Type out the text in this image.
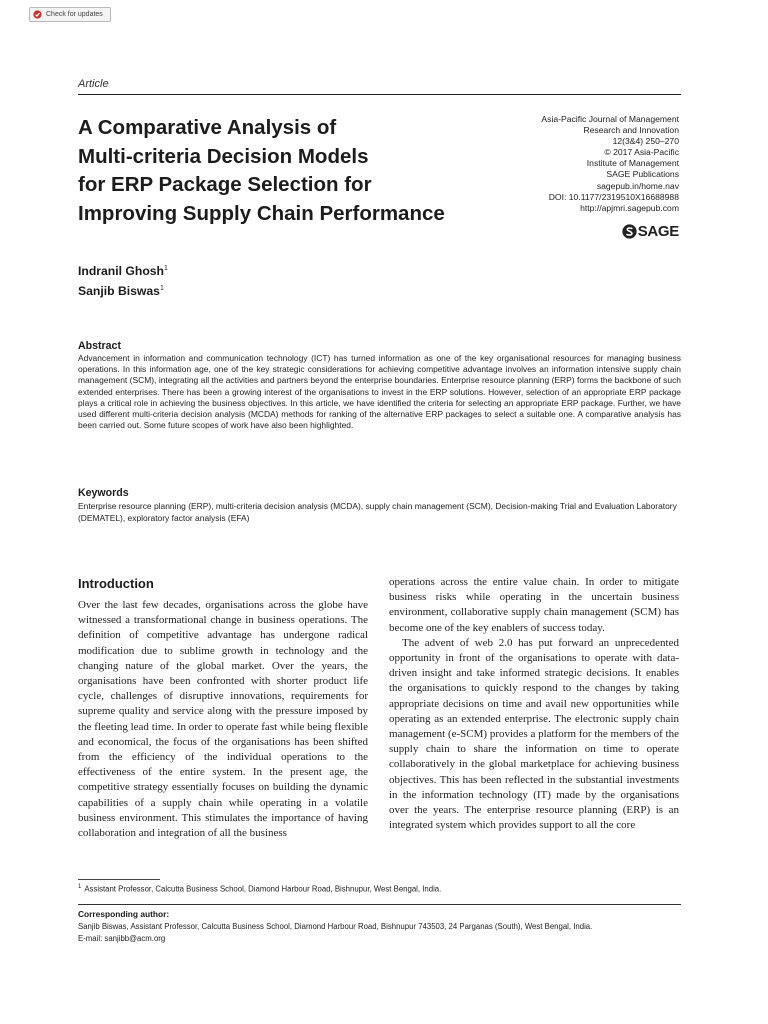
Check for updates
Article
A Comparative Analysis of
Multi-criteria Decision Models
for ERP Package Selection for
Improving Supply Chain Performance
Asia-Pacific Journal of Management
Research and Innovation
12(3&4) 250–270
© 2017 Asia-Pacific
Institute of Management
SAGE Publications
sagepub.in/home.nav
DOI: 10.1177/2319510X16688988
http://apjmri.sagepub.com
SAGE
Indranil Ghosh$^1$
Sanjib Biswas$^1$
Abstract
Advancement in information and communication technology (ICT) has turned information as one of the key organisational resources for managing business operations. In this information age, one of the key strategic considerations for achieving competitive advantage involves an information intensive supply chain management (SCM), integrating all the activities and partners beyond the enterprise boundaries. Enterprise resource planning (ERP) forms the backbone of such extended enterprises. There has been a growing interest of the organisations to invest in the ERP solutions. However, selection of an appropriate ERP package plays a critical role in achieving the business objectives. In this article, we have identified the criteria for selecting an appropriate ERP package. Further, we have used different multi-criteria decision analysis (MCDA) methods for ranking of the alternative ERP packages to select a suitable one. A comparative analysis has been carried out. Some future scopes of work have also been highlighted.
Keywords
Enterprise resource planning (ERP), multi-criteria decision analysis (MCDA), supply chain management (SCM), Decision-making Trial and Evaluation Laboratory (DEMATEL), exploratory factor analysis (EFA)
Introduction

Over the last few decades, organisations across the globe have witnessed a transformational change in business operations. The definition of competitive advantage has undergone radical modification due to sublime growth in technology and the changing nature of the global market. Over the years, the organisations have been confronted with shorter product life cycle, challenges of disruptive innovations, requirements for supreme quality and service along with the pressure imposed by the fleeting lead time. In order to operate fast while being flexible and economical, the focus of the organisations has been shifted from the efficiency of the individual operations to the effectiveness of the entire system. In the present age, the competitive strategy essentially focuses on building the dynamic capabilities of a supply chain while operating in a volatile business environment. This stimulates the importance of having collaboration and integration of all the business

operations across the entire value chain. In order to mitigate business risks while operating in the uncertain business environment, collaborative supply chain management (SCM) has become one of the key enablers of success today.

The advent of web 2.0 has put forward an unprecedented opportunity in front of the organisations to operate with data-driven insight and take informed strategic decisions. It enables the organisations to quickly respond to the changes by taking appropriate decisions on time and avail new opportunities while operating as an extended enterprise. The electronic supply chain management (e-SCM) provides a platform for the members of the supply chain to share the information on time to operate collaboratively in the global marketplace for achieving business objectives. This has been reflected in the substantial investments in the information technology (IT) made by the organisations over the years. The enterprise resource planning (ERP) is an integrated system which provides support to all the core

$^1$ Assistant Professor, Calcutta Business School, Diamond Harbour Road, Bishnupur, West Bengal, India.
Corresponding author:
Sanjib Biswas, Assistant Professor, Calcutta Business School, Diamond Harbour Road, Bishnupur 743503, 24 Parganas (South), West Bengal, India.
E-mail: sanjibb@acm.org
